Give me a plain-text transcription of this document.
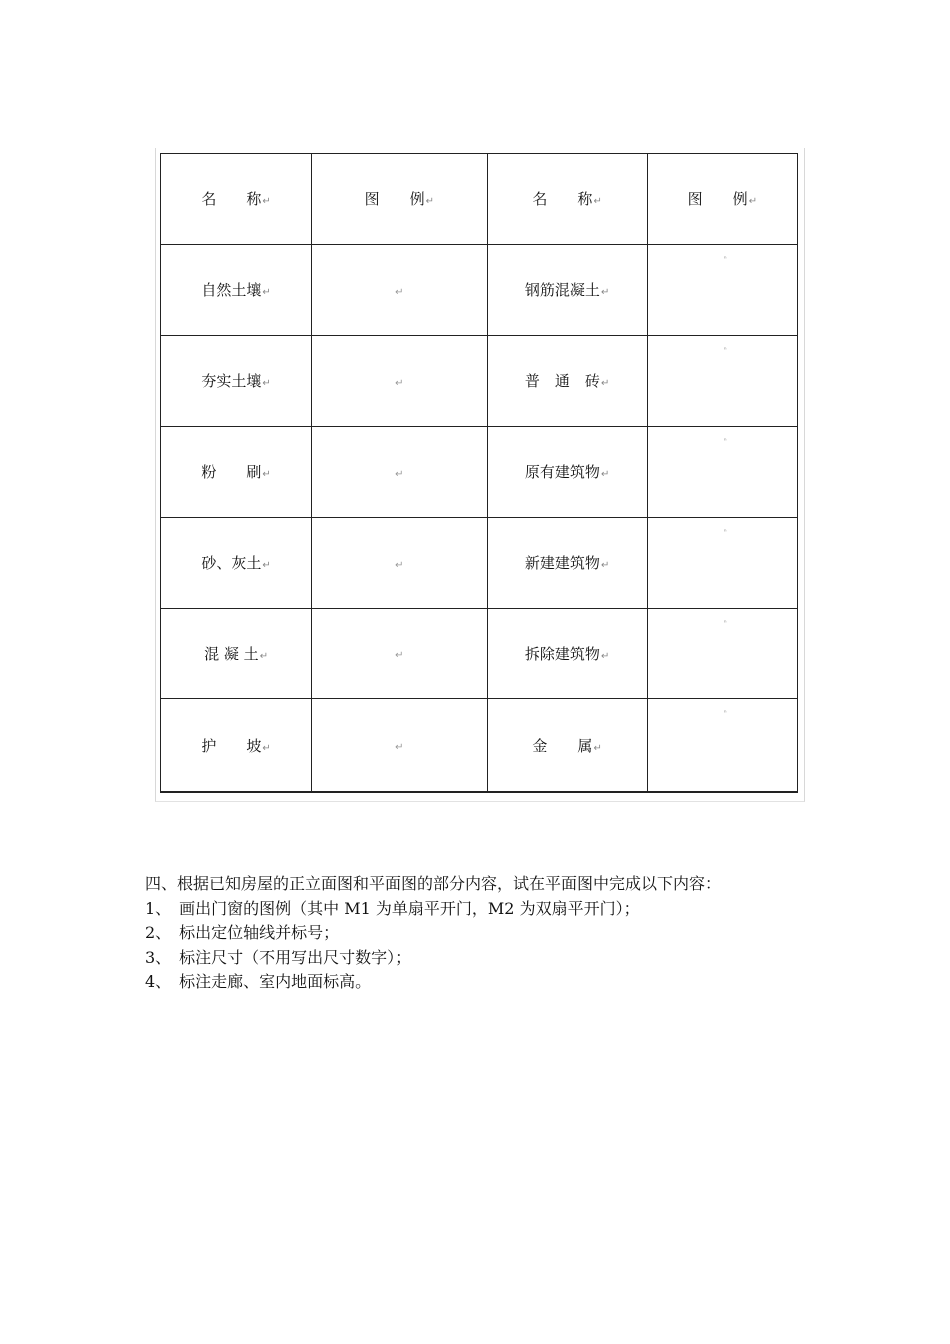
名　　称↵	图　　例↵	名　　称↵	图　　例↵
自然土壤↵	↵	钢筋混凝土↵	ⁿ

夯实土壤↵	↵	普　通　砖↵	ⁿ

粉　　刷↵	↵	原有建筑物↵	ⁿ

砂、灰土↵	↵	新建建筑物↵	ⁿ

混 凝 土↵	↵	拆除建筑物↵	ⁿ

护　　坡↵	↵	金　　属↵	ⁿ
四、根据已知房屋的正立面图和平面图的部分内容，试在平面图中完成以下内容：
1、　画出门窗的图例（其中 M1 为单扇平开门，M2 为双扇平开门）；
2、　标出定位轴线并标号；
3、　标注尺寸（不用写出尺寸数字）；
4、　标注走廊、室内地面标高。
